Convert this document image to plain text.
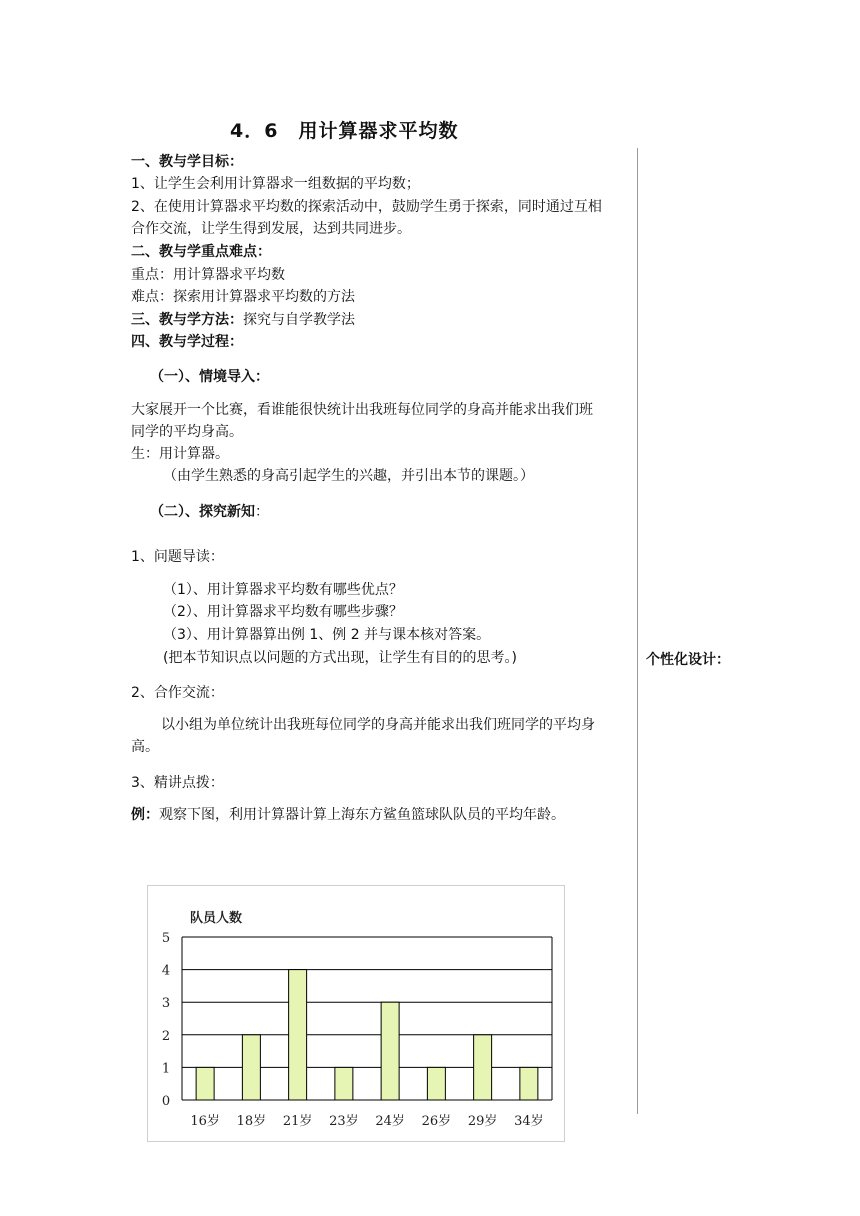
4．6　用计算器求平均数
个性化设计：
一、教与学目标：
1、让学生会利用计算器求一组数据的平均数；
2、在使用计算器求平均数的探索活动中，鼓励学生勇于探索，同时通过互相
合作交流，让学生得到发展，达到共同进步。
二、教与学重点难点：
重点：用计算器求平均数
难点：探索用计算器求平均数的方法
三、教与学方法：探究与自学教学法
四、教与学过程：
（一）、情境导入：
大家展开一个比赛，看谁能很快统计出我班每位同学的身高并能求出我们班
同学的平均身高。
生：用计算器。
（由学生熟悉的身高引起学生的兴趣，并引出本节的课题。）
（二）、探究新知：
1、问题导读：
（1）、用计算器求平均数有哪些优点？
（2）、用计算器求平均数有哪些步骤？
（3）、用计算器算出例 1、例 2 并与课本核对答案。
(把本节知识点以问题的方式出现，让学生有目的的思考。)
2、合作交流：
以小组为单位统计出我班每位同学的身高并能求出我们班同学的平均身
高。
3、精讲点拨：
例：观察下图，利用计算器计算上海东方鲨鱼篮球队队员的平均年龄。
队员人数
0
1
2
3
4
5
16岁 18岁 21岁 23岁 24岁 26岁 29岁 34岁
